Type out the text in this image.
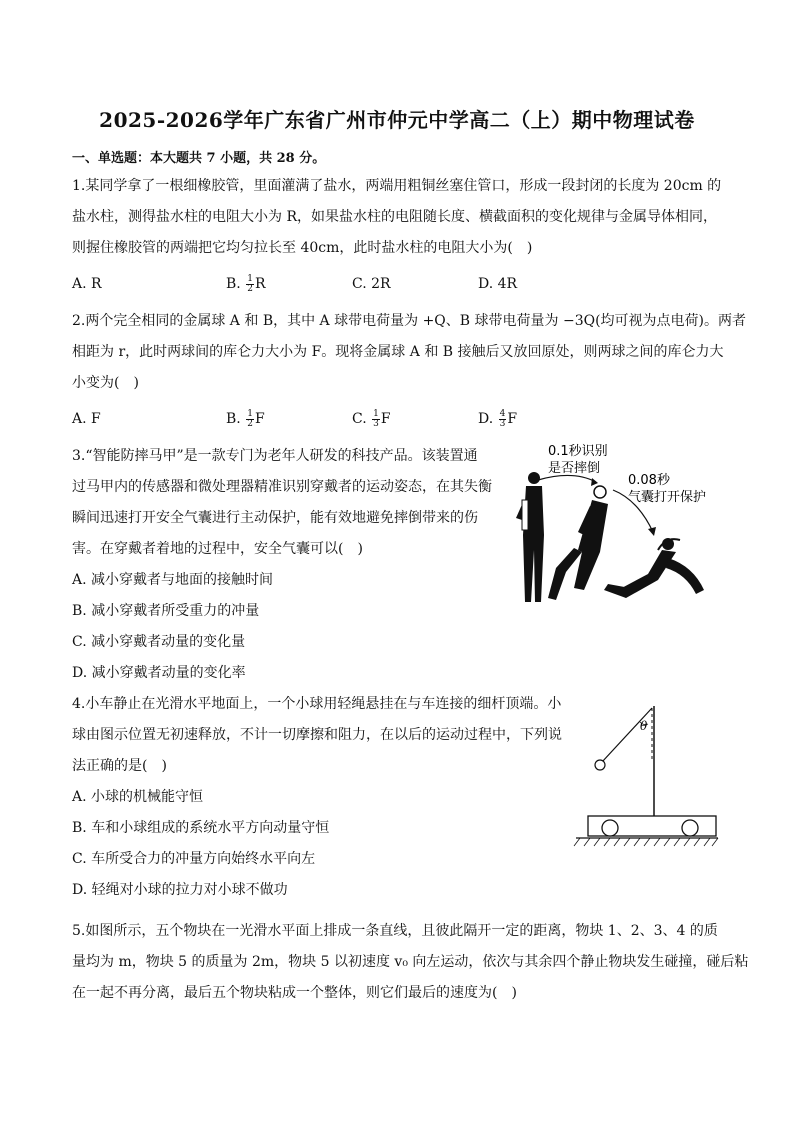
2025-2026学年广东省广州市仲元中学高二（上）期中物理试卷
一、单选题：本大题共 7 小题，共 28 分。
1.某同学拿了一根细橡胶管，里面灌满了盐水，两端用粗铜丝塞住管口，形成一段封闭的长度为 20cm 的
盐水柱，测得盐水柱的电阻大小为 R，如果盐水柱的电阻随长度、横截面积的变化规律与金属导体相同，
则握住橡胶管的两端把它均匀拉长至 40cm，此时盐水柱的电阻大小为(　)
A. R	B. $\frac{1}{2}$ R	C. 2R	D. 4R
2.两个完全相同的金属球 A 和 B，其中 A 球带电荷量为 +Q、B 球带电荷量为 −3Q(均可视为点电荷)。两者
相距为 r，此时两球间的库仑力大小为 F。现将金属球 A 和 B 接触后又放回原处，则两球之间的库仑力大
小变为(　)
A. F	B. $\frac{1}{2}$ F	C. $\frac{1}{3}$ F	D. $\frac{4}{3}$ F
3.“智能防摔马甲”是一款专门为老年人研发的科技产品。该装置通
过马甲内的传感器和微处理器精准识别穿戴者的运动姿态，在其失衡
瞬间迅速打开安全气囊进行主动保护，能有效地避免摔倒带来的伤
害。在穿戴者着地的过程中，安全气囊可以(　)
A. 减小穿戴者与地面的接触时间
B. 减小穿戴者所受重力的冲量
C. 减小穿戴者动量的变化量
D. 减小穿戴者动量的变化率
0.1秒识别
是否摔倒
0.08秒
气囊打开保护
4.小车静止在光滑水平地面上，一个小球用轻绳悬挂在与车连接的细杆顶端。小
球由图示位置无初速释放，不计一切摩擦和阻力，在以后的运动过程中，下列说
法正确的是(　)
A. 小球的机械能守恒
B. 车和小球组成的系统水平方向动量守恒
C. 车所受合力的冲量方向始终水平向左
D. 轻绳对小球的拉力对小球不做功
θ
5.如图所示，五个物块在一光滑水平面上排成一条直线，且彼此隔开一定的距离，物块 1、2、3、4 的质
量均为 m，物块 5 的质量为 2m，物块 5 以初速度 v₀ 向左运动，依次与其余四个静止物块发生碰撞，碰后粘
在一起不再分离，最后五个物块粘成一个整体，则它们最后的速度为(　)
